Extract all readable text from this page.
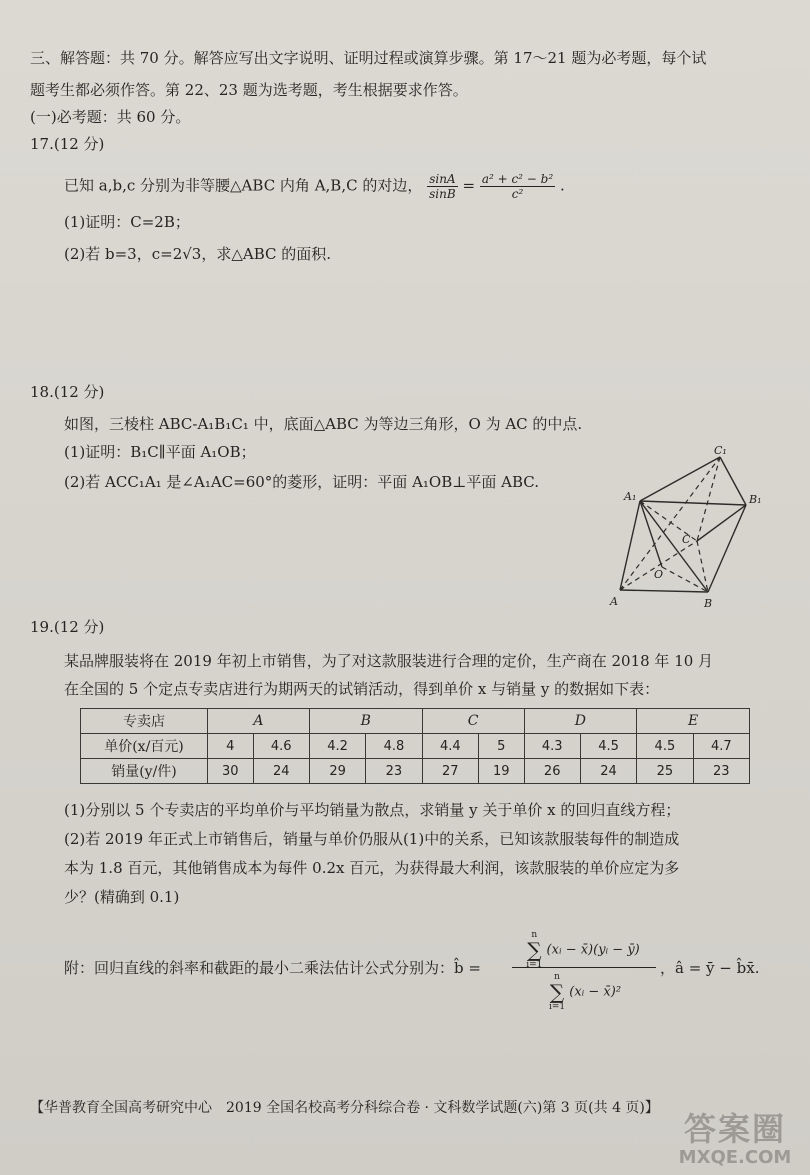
三、解答题：共 70 分。解答应写出文字说明、证明过程或演算步骤。第 17～21 题为必考题，每个试
题考生都必须作答。第 22、23 题为选考题，考生根据要求作答。
(一)必考题：共 60 分。
17.(12 分)
已知 a,b,c 分别为非等腰△ABC 内角 A,B,C 的对边， $\frac{\sin A}{\sin B} = \frac{\text{a² + c² − b²}}{\text{c²}}$ .
(1)证明：C=2B；
(2)若 b=3，c=2√3，求△ABC 的面积.
18.(12 分)
如图，三棱柱 ABC-A₁B₁C₁ 中，底面△ABC 为等边三角形，O 为 AC 的中点.
(1)证明：B₁C∥平面 A₁OB；
(2)若 ACC₁A₁ 是∠A₁AC=60°的菱形，证明：平面 A₁OB⊥平面 ABC.
C₁
A₁	B₁
C
O
A	B
19.(12 分)
某品牌服装将在 2019 年初上市销售，为了对这款服装进行合理的定价，生产商在 2018 年 10 月
在全国的 5 个定点专卖店进行为期两天的试销活动，得到单价 x 与销量 y 的数据如下表：
专卖店	A		B		C		D		E	
单价(x/百元)	4	4.6	4.2	4.8	4.4	5	4.3	4.5	4.5	4.7
销量(y/件)	30	24	29	23	27	19	26	24	25	23
(1)分别以 5 个专卖店的平均单价与平均销量为散点，求销量 y 关于单价 x 的回归直线方程；
(2)若 2019 年正式上市销售后，销量与单价仍服从(1)中的关系，已知该款服装每件的制造成
本为 1.8 百元，其他销售成本为每件 0.2x 百元，为获得最大利润，该款服装的单价应定为多
少？(精确到 0.1)
附：回归直线的斜率和截距的最小二乘法估计公式分别为：b̂ =
n
∑
i=1
(xᵢ − x̄)(yᵢ − ȳ)
n
∑
i=1
(xᵢ − x̄)²
，â = ȳ − b̂x̄.
【华普教育全国高考研究中心　2019 全国名校高考分科综合卷 · 文科数学试题(六)第 3 页(共 4 页)】
答案圈
MXQE.COM
